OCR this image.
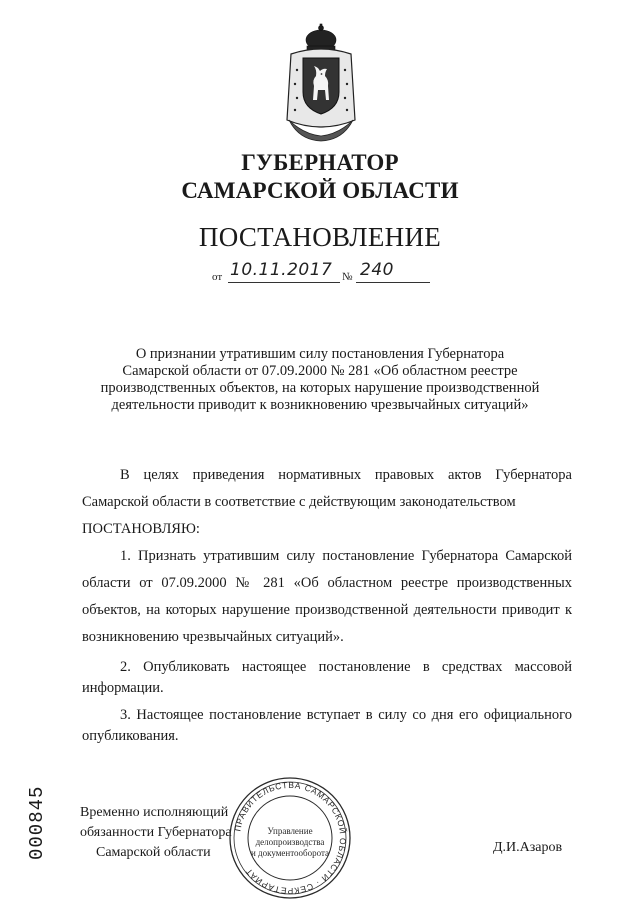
ГУБЕРНАТОР
САМАРСКОЙ ОБЛАСТИ
ПОСТАНОВЛЕНИЕ
от 10.11.2017 № 240
О признании утратившим силу постановления Губернатора
Самарской области от 07.09.2000 № 281 «Об областном реестре
производственных объектов, на которых нарушение производственной
деятельности приводит к возникновению чрезвычайных ситуаций»

В целях приведения нормативных правовых актов Губернатора Самарской области в соответствие с действующим законодательством

ПОСТАНОВЛЯЮ:

1. Признать утратившим силу постановление Губернатора Самарской области от 07.09.2000 № 281 «Об областном реестре производственных объектов, на которых нарушение производственной деятельности приводит к возникновению чрезвычайных ситуаций».

2. Опубликовать настоящее постановление в средствах массовой информации.

3. Настоящее постановление вступает в силу со дня его официального опубликования.

000845 Временно исполняющий
обязанности Губернатора
Самарской области
ПРАВИТЕЛЬСТВА САМАРСКОЙ ОБЛАСТИ · СЕКРЕТАРИАТ
Управление
делопроизводства
и документооборота	Д.И.Азаров
